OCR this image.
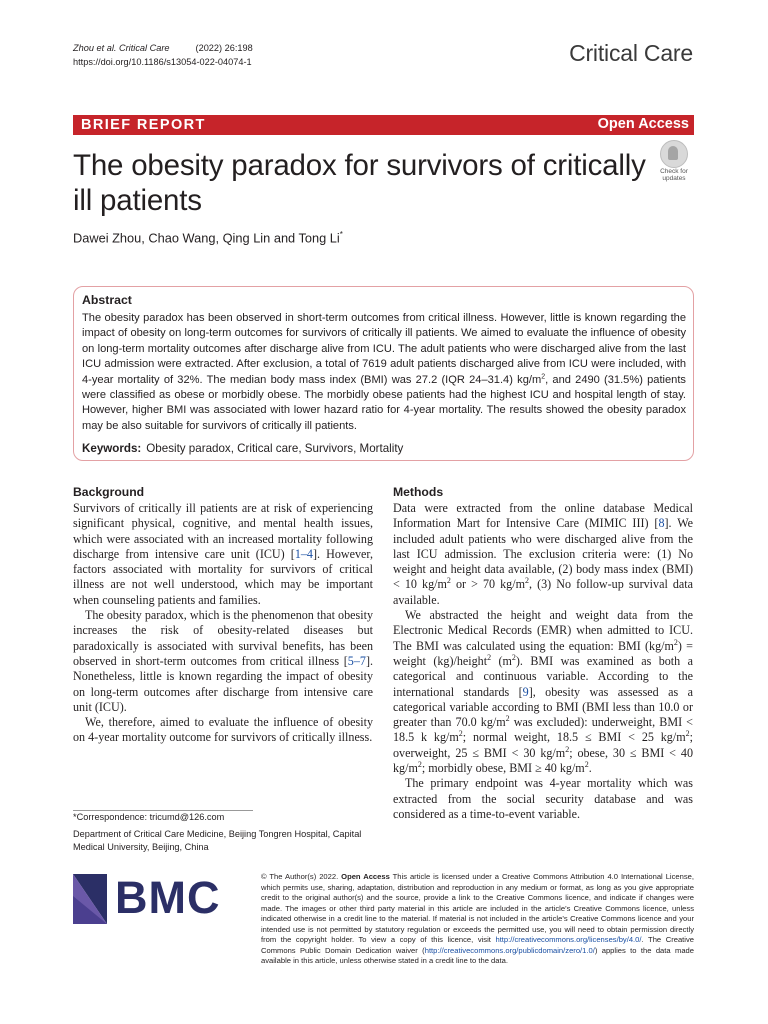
Zhou et al. Critical Care	(2022) 26:198
https://doi.org/10.1186/s13054-022-04074-1	Critical Care
BRIEF REPORT	Open Access
The obesity paradox for survivors of critically ill patients
Check for
updates
Dawei Zhou, Chao Wang, Qing Lin and Tong Li*
Abstract

The obesity paradox has been observed in short-term outcomes from critical illness. However, little is known regarding the impact of obesity on long-term outcomes for survivors of critically ill patients. We aimed to evaluate the influence of obesity on long-term mortality outcomes after discharge alive from ICU. The adult patients who were discharged alive from the last ICU admission were extracted. After exclusion, a total of 7619 adult patients discharged alive from ICU were included, with 4-year mortality of 32%. The median body mass index (BMI) was 27.2 (IQR 24–31.4) $kg/m^2$, and 2490 (31.5%) patients were classified as obese or morbidly obese. The morbidly obese patients had the highest ICU and hospital length of stay. However, higher BMI was associated with lower hazard ratio for 4-year mortality. The results showed the obesity paradox may be also suitable for survivors of critically ill patients.

Keywords: Obesity paradox, Critical care, Survivors, Mortality
Background

Survivors of critically ill patients are at risk of experiencing significant physical, cognitive, and mental health issues, which were associated with an increased mortality following discharge from intensive care unit (ICU) [1–4]. However, factors associated with mortality for survivors of critical illness are not well understood, which may be important when counseling patients and families.

The obesity paradox, which is the phenomenon that obesity increases the risk of obesity-related diseases but paradoxically is associated with survival benefits, has been observed in short-term outcomes from critical illness [5–7]. Nonetheless, little is known regarding the impact of obesity on long-term outcomes after discharge from intensive care unit (ICU).

We, therefore, aimed to evaluate the influence of obesity on 4-year mortality outcome for survivors of critically illness.

Methods

Data were extracted from the online database Medical Information Mart for Intensive Care (MIMIC III) [8]. We included adult patients who were discharged alive from the last ICU admission. The exclusion criteria were: (1) No weight and height data available, (2) body mass index (BMI) < 10 $kg/m^2$ or > 70 $kg/m^2$, (3) No follow-up survival data available.

We abstracted the height and weight data from the Electronic Medical Records (EMR) when admitted to ICU. The BMI was calculated using the equation: BMI $(kg/m^2)$ = weight (kg)/height$^2$ $(m^2)$. BMI was examined as both a categorical and continuous variable. According to the international standards [9], obesity was assessed as a categorical variable according to BMI (BMI less than 10.0 or greater than 70.0 $kg/m^2$ was excluded): underweight, BMI < 18.5 k $kg/m^2$; normal weight, 18.5 ≤ BMI < 25 $kg/m^2$; overweight, 25 ≤ BMI < 30 $kg/m^2$; obese, 30 ≤ BMI < 40 $kg/m^2$; morbidly obese, BMI ≥ 40 $kg/m^2$.

The primary endpoint was 4-year mortality which was extracted from the social security database and was considered as a time-to-event variable.

*Correspondence: tricumd@126.com
Department of Critical Care Medicine, Beijing Tongren Hospital, Capital Medical University, Beijing, China
BMC	© The Author(s) 2022. Open Access This article is licensed under a Creative Commons Attribution 4.0 International License, which permits use, sharing, adaptation, distribution and reproduction in any medium or format, as long as you give appropriate credit to the original author(s) and the source, provide a link to the Creative Commons licence, and indicate if changes were made. The images or other third party material in this article are included in the article’s Creative Commons licence, unless indicated otherwise in a credit line to the material. If material is not included in the article’s Creative Commons licence and your intended use is not permitted by statutory regulation or exceeds the permitted use, you will need to obtain permission directly from the copyright holder. To view a copy of this licence, visit http://creativecommons.org/licenses/by/4.0/. The Creative Commons Public Domain Dedication waiver (http://creativecommons.org/publicdomain/zero/1.0/) applies to the data made available in this article, unless otherwise stated in a credit line to the data.
